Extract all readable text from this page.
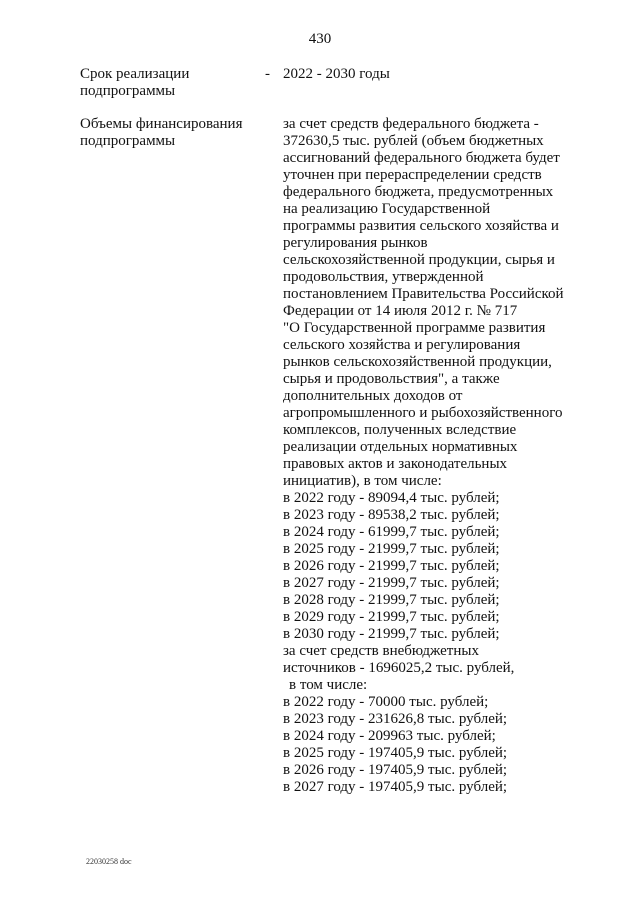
430
Срок реализации
подпрограммы
- 2022 - 2030 годы
Объемы финансирования
подпрограммы
за счет средств федерального бюджета -
372630,5 тыс. рублей (объем бюджетных
ассигнований федерального бюджета будет
уточнен при перераспределении средств
федерального бюджета, предусмотренных
на реализацию Государственной
программы развития сельского хозяйства и
регулирования рынков
сельскохозяйственной продукции, сырья и
продовольствия, утвержденной
постановлением Правительства Российской
Федерации от 14 июля 2012 г. № 717
"О Государственной программе развития
сельского хозяйства и регулирования
рынков сельскохозяйственной продукции,
сырья и продовольствия", а также
дополнительных доходов от
агропромышленного и рыбохозяйственного
комплексов, полученных вследствие
реализации отдельных нормативных
правовых актов и законодательных
инициатив), в том числе:
в 2022 году - 89094,4 тыс. рублей;
в 2023 году - 89538,2 тыс. рублей;
в 2024 году - 61999,7 тыс. рублей;
в 2025 году - 21999,7 тыс. рублей;
в 2026 году - 21999,7 тыс. рублей;
в 2027 году - 21999,7 тыс. рублей;
в 2028 году - 21999,7 тыс. рублей;
в 2029 году - 21999,7 тыс. рублей;
в 2030 году - 21999,7 тыс. рублей;
за счет средств внебюджетных
источников - 1696025,2 тыс. рублей,
в том числе:
в 2022 году - 70000 тыс. рублей;
в 2023 году - 231626,8 тыс. рублей;
в 2024 году - 209963 тыс. рублей;
в 2025 году - 197405,9 тыс. рублей;
в 2026 году - 197405,9 тыс. рублей;
в 2027 году - 197405,9 тыс. рублей;
22030258 doc
